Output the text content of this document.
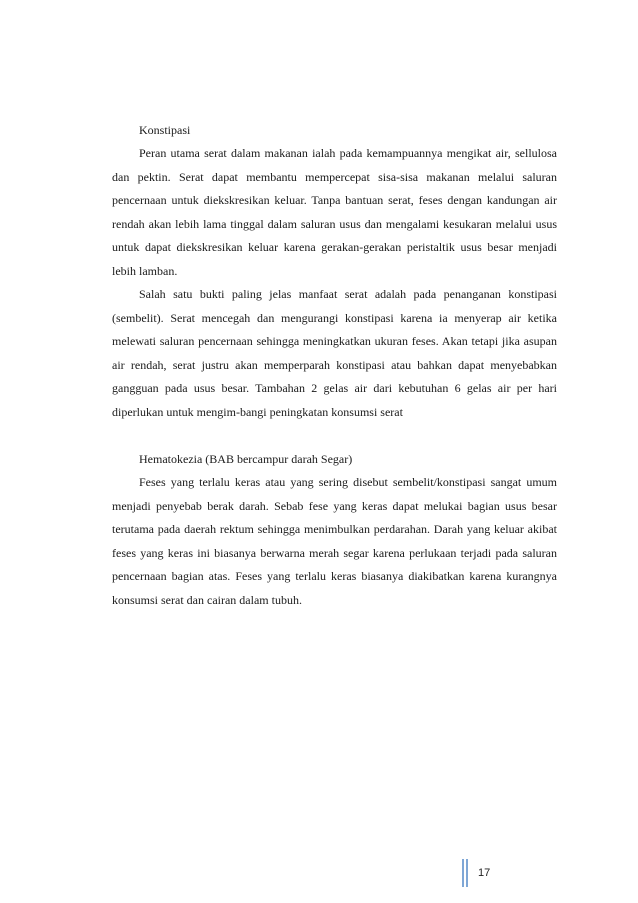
Konstipasi

Peran utama serat dalam makanan ialah pada kemampuannya mengikat air, sellulosa dan pektin. Serat dapat membantu mempercepat sisa-sisa makanan melalui saluran pencernaan untuk diekskresikan keluar. Tanpa bantuan serat, feses dengan kandungan air rendah akan lebih lama tinggal dalam saluran usus dan mengalami kesukaran melalui usus untuk dapat diekskresikan keluar karena gerakan-gerakan peristaltik usus besar menjadi lebih lamban.

Salah satu bukti paling jelas manfaat serat adalah pada penanganan konstipasi (sembelit). Serat mencegah dan mengurangi konstipasi karena ia menyerap air ketika melewati saluran pencernaan sehingga meningkatkan ukuran feses. Akan tetapi jika asupan air rendah, serat justru akan memperparah konstipasi atau bahkan dapat menyebabkan gangguan pada usus besar. Tambahan 2 gelas air dari kebutuhan 6 gelas air per hari diperlukan untuk mengim-bangi peningkatan konsumsi serat

Hematokezia (BAB bercampur darah Segar)

Feses yang terlalu keras atau yang sering disebut sembelit/konstipasi sangat umum menjadi penyebab berak darah. Sebab fese yang keras dapat melukai bagian usus besar terutama pada daerah rektum sehingga menimbulkan perdarahan. Darah yang keluar akibat feses yang keras ini biasanya berwarna merah segar karena perlukaan terjadi pada saluran pencernaan bagian atas. Feses yang terlalu keras biasanya diakibatkan karena kurangnya konsumsi serat dan cairan dalam tubuh.

17
